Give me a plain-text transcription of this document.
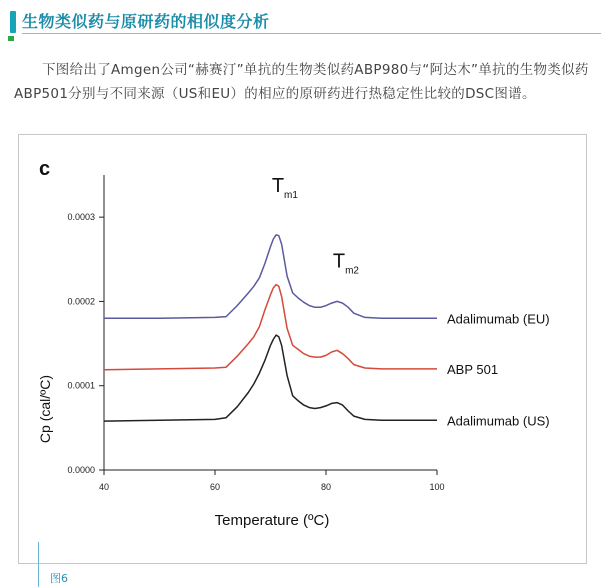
生物类似药与原研药的相似度分析
下图给出了Amgen公司“赫赛汀”单抗的生物类似药ABP980与“阿达木”单抗的生物类似药ABP501分别与不同来源（US和EU）的相应的原研药进行热稳定性比较的DSC图谱。
c
40	60	80	100
0.0000
0.0001
0.0002
0.0003
Adalimumab (EU)
ABP 501
Adalimumab (US)
$T_{m1}$
$T_{m2}$
Cp (cal/ºC)
Temperature (ºC)
图6
